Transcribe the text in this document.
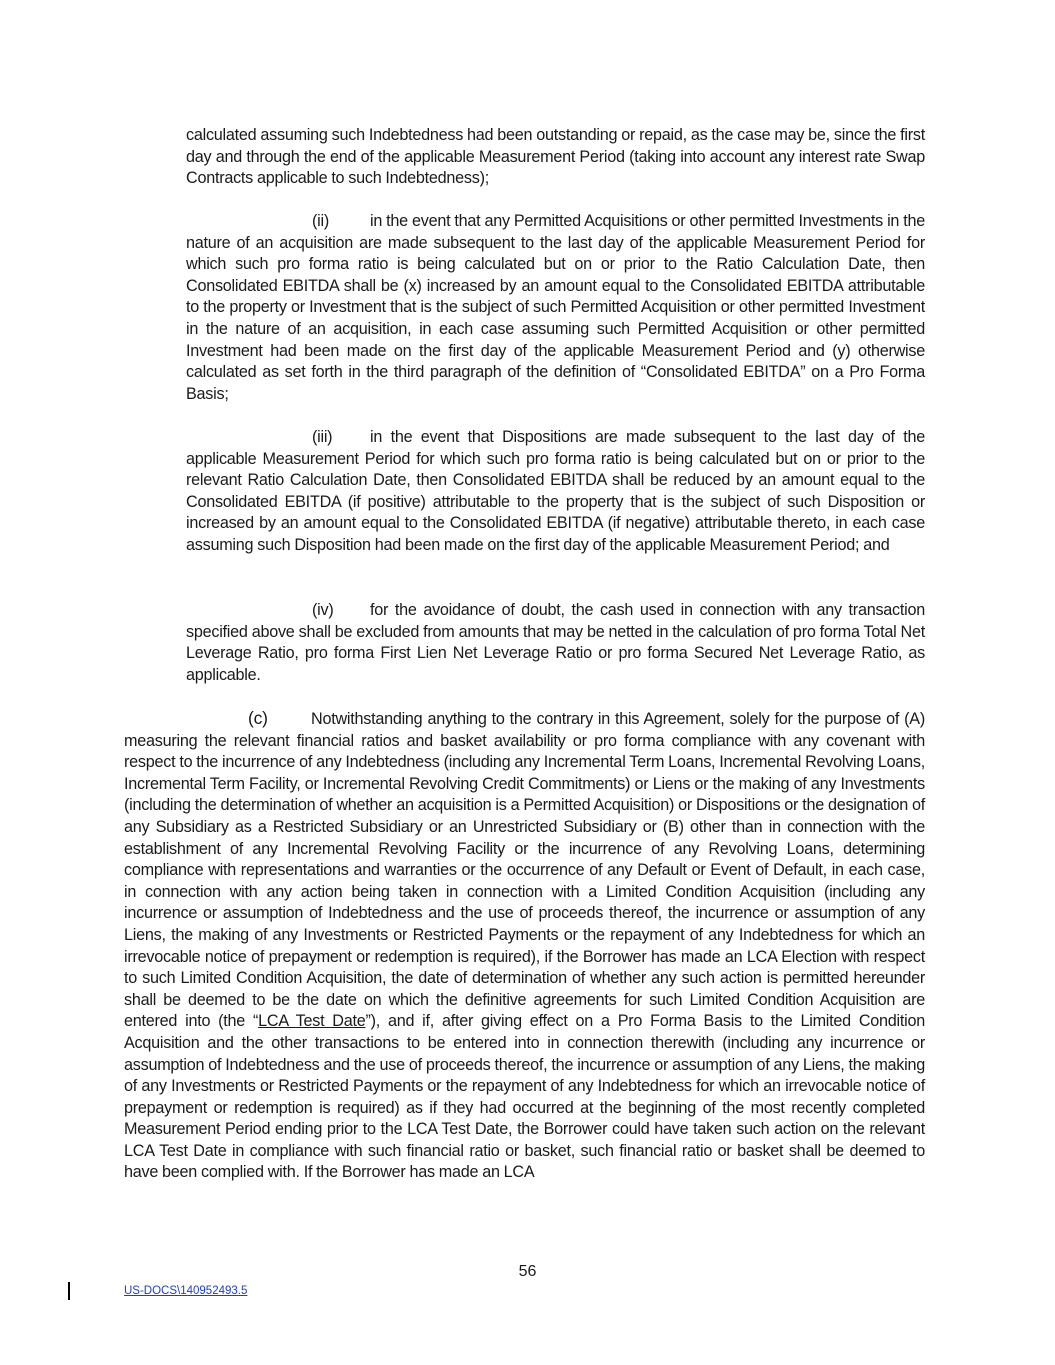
calculated assuming such Indebtedness had been outstanding or repaid, as the case may be, since the first day and through the end of the applicable Measurement Period (taking into account any interest rate Swap Contracts applicable to such Indebtedness);

(ii)	in the event that any Permitted Acquisitions or other permitted Investments in the nature of an acquisition are made subsequent to the last day of the applicable Measurement Period for which such pro forma ratio is being calculated but on or prior to the Ratio Calculation Date, then Consolidated EBITDA shall be (x) increased by an amount equal to the Consolidated EBITDA attributable to the property or Investment that is the subject of such Permitted Acquisition or other permitted Investment in the nature of an acquisition, in each case assuming such Permitted Acquisition or other permitted Investment had been made on the first day of the applicable Measurement Period and (y) otherwise calculated as set forth in the third paragraph of the definition of “Consolidated EBITDA” on a Pro Forma Basis;

(iii) in the event that Dispositions are made subsequent to the last day of the applicable Measurement Period for which such pro forma ratio is being calculated but on or prior to the relevant Ratio Calculation Date, then Consolidated EBITDA shall be reduced by an amount equal to the Consolidated EBITDA (if positive) attributable to the property that is the subject of such Disposition or increased by an amount equal to the Consolidated EBITDA (if negative) attributable thereto, in each case assuming such Disposition had been made on the first day of the applicable Measurement Period; and

(iv) for the avoidance of doubt, the cash used in connection with any transaction specified above shall be excluded from amounts that may be netted in the calculation of pro forma Total Net Leverage Ratio, pro forma First Lien Net Leverage Ratio or pro forma Secured Net Leverage Ratio, as applicable.

(c)	Notwithstanding anything to the contrary in this Agreement, solely for the purpose of (A) measuring the relevant financial ratios and basket availability or pro forma compliance with any covenant with respect to the incurrence of any Indebtedness (including any Incremental Term Loans, Incremental Revolving Loans, Incremental Term Facility, or Incremental Revolving Credit Commitments) or Liens or the making of any Investments (including the determination of whether an acquisition is a Permitted Acquisition) or Dispositions or the designation of any Subsidiary as a Restricted Subsidiary or an Unrestricted Subsidiary or (B) other than in connection with the establishment of any Incremental Revolving Facility or the incurrence of any Revolving Loans, determining compliance with representations and warranties or the occurrence of any Default or Event of Default, in each case, in connection with any action being taken in connection with a Limited Condition Acquisition (including any incurrence or assumption of Indebtedness and the use of proceeds thereof, the incurrence or assumption of any Liens, the making of any Investments or Restricted Payments or the repayment of any Indebtedness for which an irrevocable notice of prepayment or redemption is required), if the Borrower has made an LCA Election with respect to such Limited Condition Acquisition, the date of determination of whether any such action is permitted hereunder shall be deemed to be the date on which the definitive agreements for such Limited Condition Acquisition are entered into (the “LCA Test Date”), and if, after giving effect on a Pro Forma Basis to the Limited Condition Acquisition and the other transactions to be entered into in connection therewith (including any incurrence or assumption of Indebtedness and the use of proceeds thereof, the incurrence or assumption of any Liens, the making of any Investments or Restricted Payments or the repayment of any Indebtedness for which an irrevocable notice of prepayment or redemption is required) as if they had occurred at the beginning of the most recently completed Measurement Period ending prior to the LCA Test Date, the Borrower could have taken such action on the relevant LCA Test Date in compliance with such financial ratio or basket, such financial ratio or basket shall be deemed to have been complied with. If the Borrower has made an LCA

56
US-DOCS\140952493.5
